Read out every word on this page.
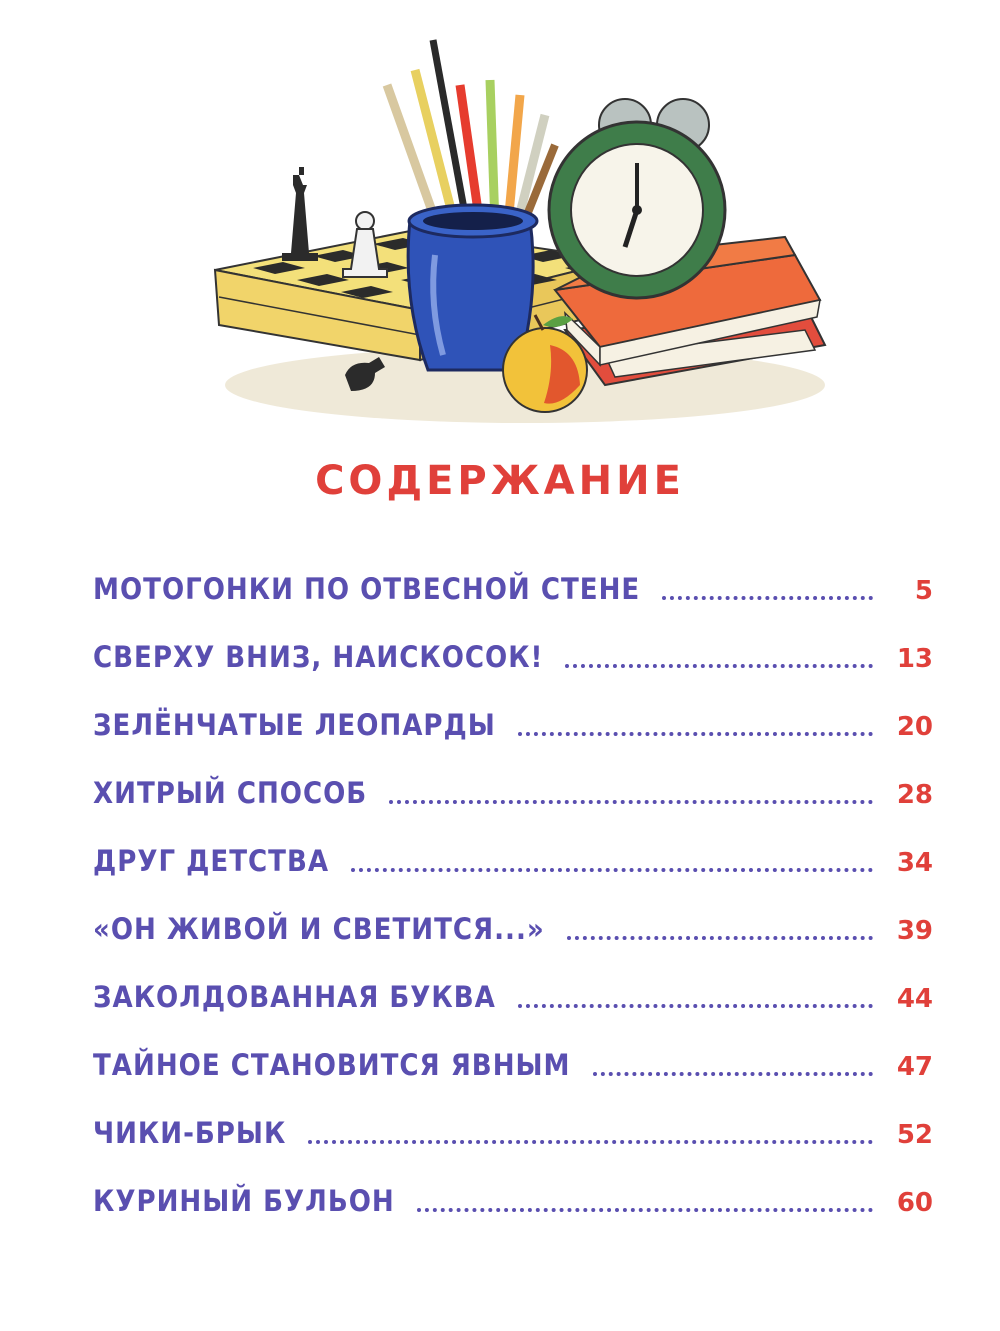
СОДЕРЖАНИЕ
МОТОГОНКИ ПО ОТВЕСНОЙ СТЕНЕ	5
СВЕРХУ ВНИЗ, НАИСКОСОК!	13
ЗЕЛЁНЧАТЫЕ ЛЕОПАРДЫ	20
ХИТРЫЙ СПОСОБ	28
ДРУГ ДЕТСТВА	34
«ОН ЖИВОЙ И СВЕТИТСЯ...»	39
ЗАКОЛДОВАННАЯ БУКВА	44
ТАЙНОЕ СТАНОВИТСЯ ЯВНЫМ	47
ЧИКИ-БРЫК	52
КУРИНЫЙ БУЛЬОН	60
